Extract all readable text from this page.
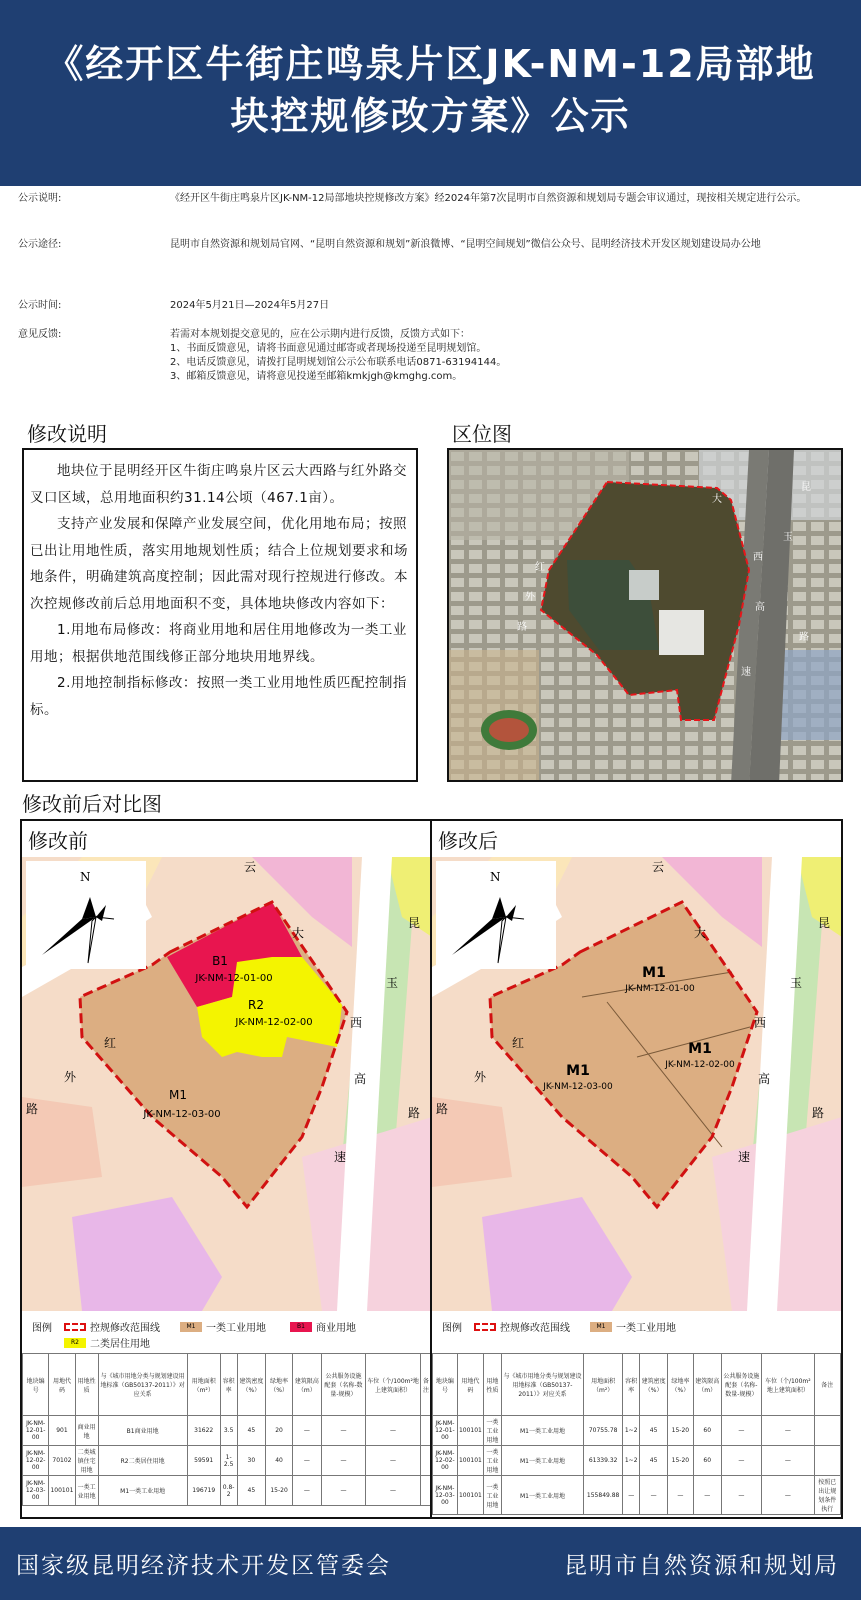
《经开区牛街庄鸣泉片区JK-NM-12局部地块控规修改方案》公示
公示说明:	《经开区牛街庄鸣泉片区JK-NM-12局部地块控规修改方案》经2024年第7次昆明市自然资源和规划局专题会审议通过，现按相关规定进行公示。
公示途径:	昆明市自然资源和规划局官网、“昆明自然资源和规划”新浪微博、“昆明空间规划”微信公众号、昆明经济技术开发区规划建设局办公地
公示时间:	2024年5月21日—2024年5月27日
意见反馈:	若需对本规划提交意见的，应在公示期内进行反馈，反馈方式如下：
1、书面反馈意见，请将书面意见通过邮寄或者现场投递至昆明规划馆。
2、电话反馈意见，请拨打昆明规划馆公示公布联系电话0871-63194144。
3、邮箱反馈意见，请将意见投递至邮箱kmkjgh@kmghg.com。
修改说明	区位图
修改前后对比图

地块位于昆明经开区牛街庄鸣泉片区云大西路与红外路交叉口区域，总用地面积约31.14公顷（467.1亩）。

支持产业发展和保障产业发展空间，优化用地布局；按照已出让用地性质，落实用地规划性质；结合上位规划要求和场地条件，明确建筑高度控制；因此需对现行控规进行修改。本次控规修改前后总用地面积不变，具体地块修改内容如下：

1.用地布局修改：将商业用地和居住用地修改为一类工业用地；根据供地范围线修正部分地块用地界线。

2.用地控制指标修改：按照一类工业用地性质匹配控制指标。

大
西
昆
玉
高
路
速
红
外
路
修改前
N
云
大
西
红
外
路
昆
玉
高
路
速
B1
JK-NM-12-01-00
R2
JK-NM-12-02-00
M1
JK-NM-12-03-00
图例	控规修改范围线	M1	一类工业用地	B1	商业用地
R2	二类居住用地
地块编号	用地代码	用地性质	与《城市用地分类与规划建设用地标准（GB50137-2011）》对应关系	用地面积（m²）	容积率	建筑密度（%）	绿地率（%）	建筑限高（m）	公共服务设施配套（名称-数量-规模）	车位（个/100m²地上建筑面积）	备注
JK-NM-12-01-00	901	商业用地	B1商业用地	31622	3.5	45	20	—	—	—	
JK-NM-12-02-00	70102	二类城镇住宅用地	R2二类居住用地	59591	1-2.5	30	40	—	—	—	
JK-NM-12-03-00	100101	一类工业用地	M1一类工业用地	196719	0.8-2	45	15-20	—	—	—	
修改后
N
云
大
西
红
外
路
昆
玉
高
路
速
M1
JK-NM-12-01-00
M1
JK-NM-12-02-00
M1
JK-NM-12-03-00
图例	控规修改范围线	M1	一类工业用地
地块编号	用地代码	用地性质	与《城市用地分类与规划建设用地标准（GB50137-2011）》对应关系	用地面积（m²）	容积率	建筑密度（%）	绿地率（%）	建筑限高（m）	公共服务设施配套（名称-数量-规模）	车位（个/100m²地上建筑面积）	备注
JK-NM-12-01-00	100101	一类工业用地	M1一类工业用地	70755.78	1~2	45	15-20	60	—	—	
JK-NM-12-02-00	100101	一类工业用地	M1一类工业用地	61339.32	1~2	45	15-20	60	—	—	
JK-NM-12-03-00	100101	一类工业用地	M1一类工业用地	155849.88	—	—	—	—	—	—	按照已出让规划条件执行
国家级昆明经济技术开发区管委会	昆明市自然资源和规划局
